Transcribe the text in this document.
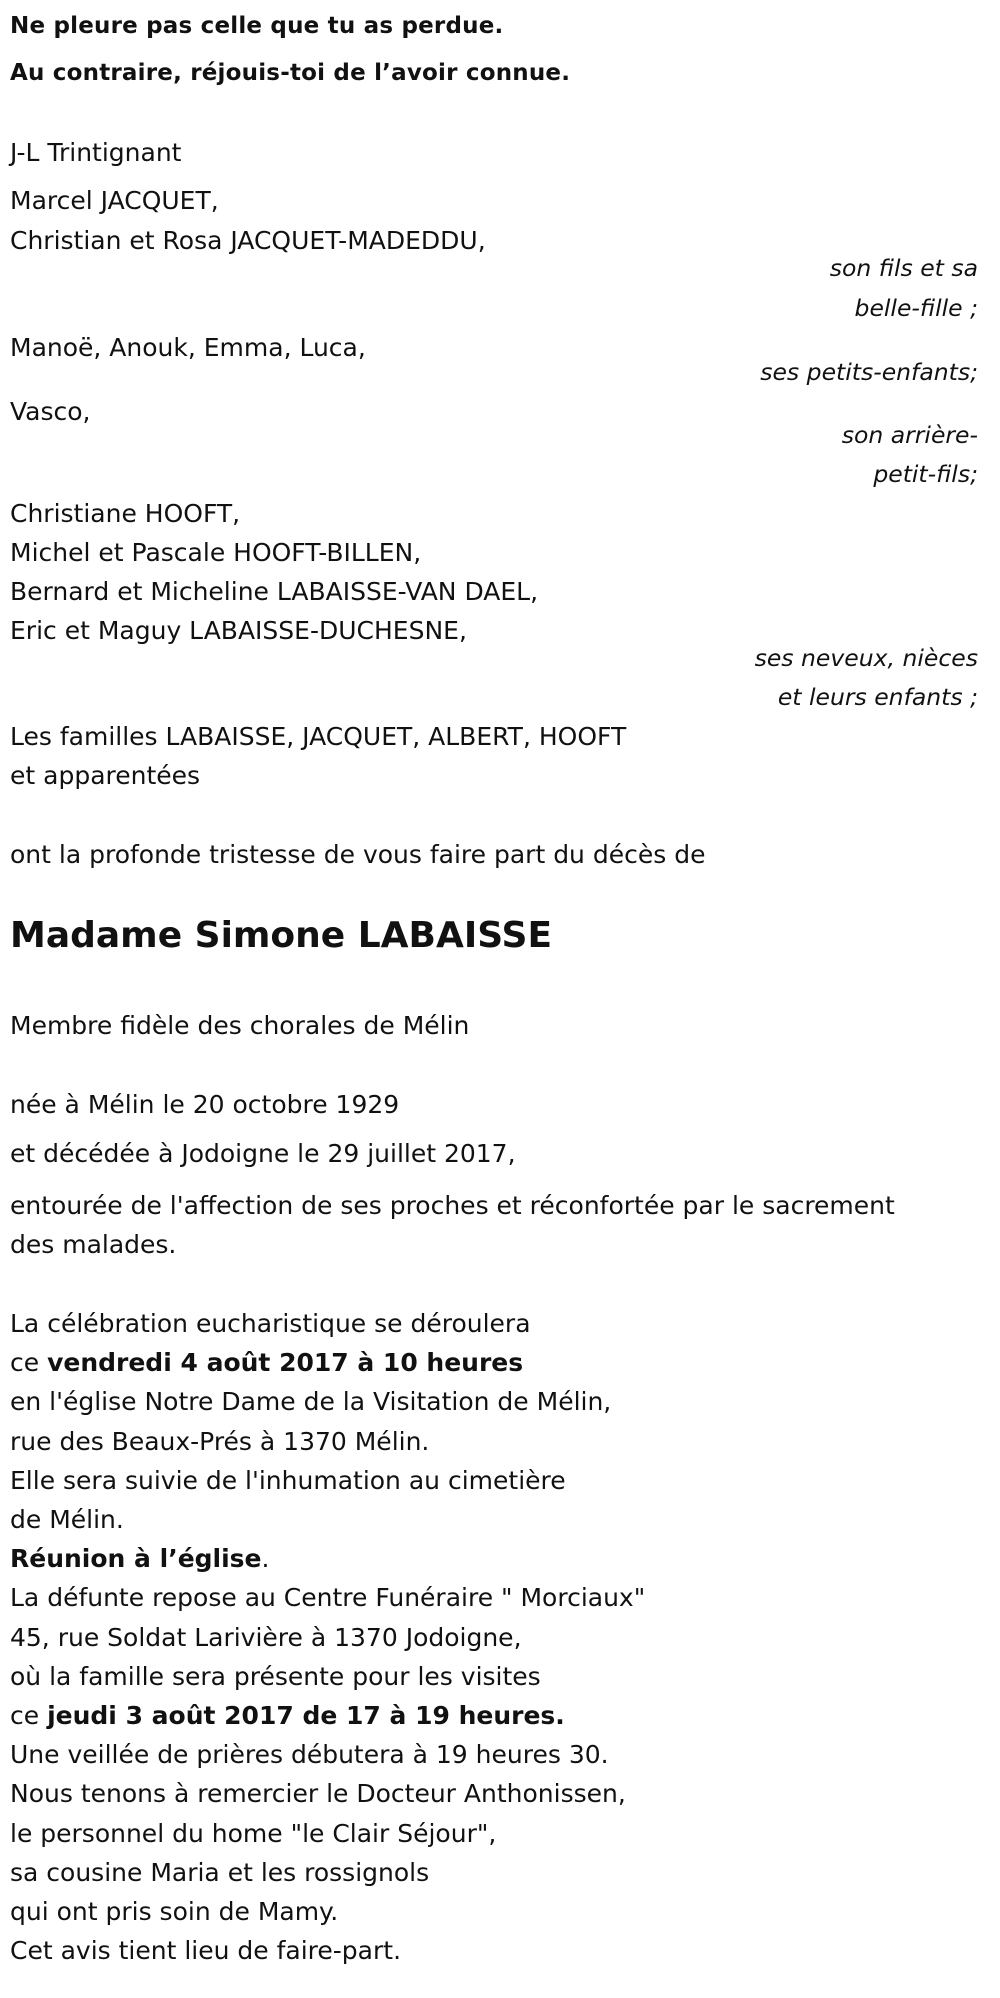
Ne pleure pas celle que tu as perdue.
Au contraire, réjouis-toi de l’avoir connue.
J-L Trintignant
Marcel JACQUET,
Christian et Rosa JACQUET-MADEDDU,
son fils et sa
belle-fille ;
Manoë, Anouk, Emma, Luca,
ses petits-enfants;
Vasco,
son arrière-
petit-fils;
Christiane HOOFT,
Michel et Pascale HOOFT-BILLEN,
Bernard et Micheline LABAISSE-VAN DAEL,
Eric et Maguy LABAISSE-DUCHESNE,
ses neveux, nièces
et leurs enfants ;
Les familles LABAISSE, JACQUET, ALBERT, HOOFT
et apparentées
ont la profonde tristesse de vous faire part du décès de
Madame Simone LABAISSE
Membre fidèle des chorales de Mélin
née à Mélin le 20 octobre 1929
et décédée à Jodoigne le 29 juillet 2017,
entourée de l'affection de ses proches et réconfortée par le sacrement
des malades.
La célébration eucharistique se déroulera
ce vendredi 4 août 2017 à 10 heures
en l'église Notre Dame de la Visitation de Mélin,
rue des Beaux-Prés à 1370 Mélin.
Elle sera suivie de l'inhumation au cimetière
de Mélin.
Réunion à l’église.
La défunte repose au Centre Funéraire " Morciaux"
45, rue Soldat Larivière à 1370 Jodoigne,
où la famille sera présente pour les visites
ce jeudi 3 août 2017 de 17 à 19 heures.
Une veillée de prières débutera à 19 heures 30.
Nous tenons à remercier le Docteur Anthonissen,
le personnel du home "le Clair Séjour",
sa cousine Maria et les rossignols
qui ont pris soin de Mamy.
Cet avis tient lieu de faire-part.
